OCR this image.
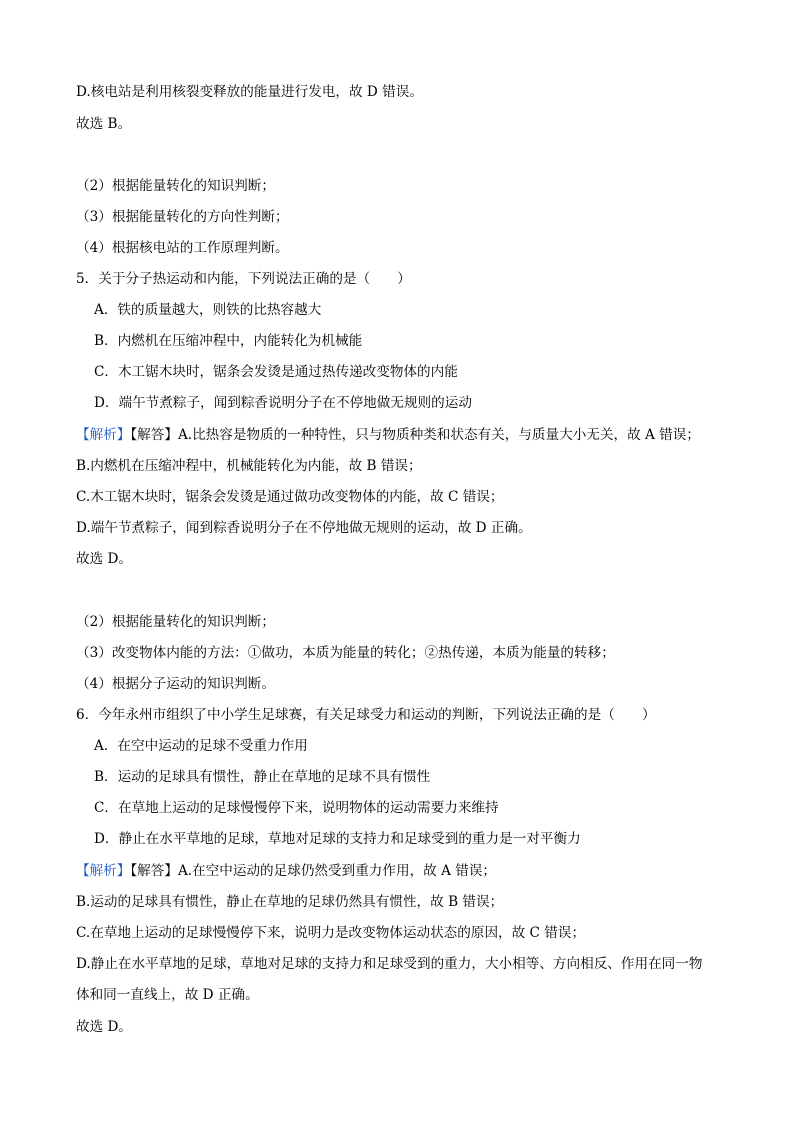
D.核电站是利用核裂变释放的能量进行发电，故 D 错误。
故选 B。
（2）根据能量转化的知识判断；
（3）根据能量转化的方向性判断；
（4）根据核电站的工作原理判断。
5．关于分子热运动和内能，下列说法正确的是（　　）
A．铁的质量越大，则铁的比热容越大
B．内燃机在压缩冲程中，内能转化为机械能
C．木工锯木块时，锯条会发烫是通过热传递改变物体的内能
D．端午节煮粽子，闻到粽香说明分子在不停地做无规则的运动
【解析】【解答】A.比热容是物质的一种特性，只与物质种类和状态有关，与质量大小无关，故 A 错误；
B.内燃机在压缩冲程中，机械能转化为内能，故 B 错误；
C.木工锯木块时，锯条会发烫是通过做功改变物体的内能，故 C 错误；
D.端午节煮粽子，闻到粽香说明分子在不停地做无规则的运动，故 D 正确。
故选 D。
（2）根据能量转化的知识判断；
（3）改变物体内能的方法：①做功，本质为能量的转化；②热传递，本质为能量的转移；
（4）根据分子运动的知识判断。
6．今年永州市组织了中小学生足球赛，有关足球受力和运动的判断，下列说法正确的是（　　）
A．在空中运动的足球不受重力作用
B．运动的足球具有惯性，静止在草地的足球不具有惯性
C．在草地上运动的足球慢慢停下来，说明物体的运动需要力来维持
D．静止在水平草地的足球，草地对足球的支持力和足球受到的重力是一对平衡力
【解析】【解答】A.在空中运动的足球仍然受到重力作用，故 A 错误；
B.运动的足球具有惯性，静止在草地的足球仍然具有惯性，故 B 错误；
C.在草地上运动的足球慢慢停下来，说明力是改变物体运动状态的原因，故 C 错误；
D.静止在水平草地的足球，草地对足球的支持力和足球受到的重力，大小相等、方向相反、作用在同一物
体和同一直线上，故 D 正确。
故选 D。
